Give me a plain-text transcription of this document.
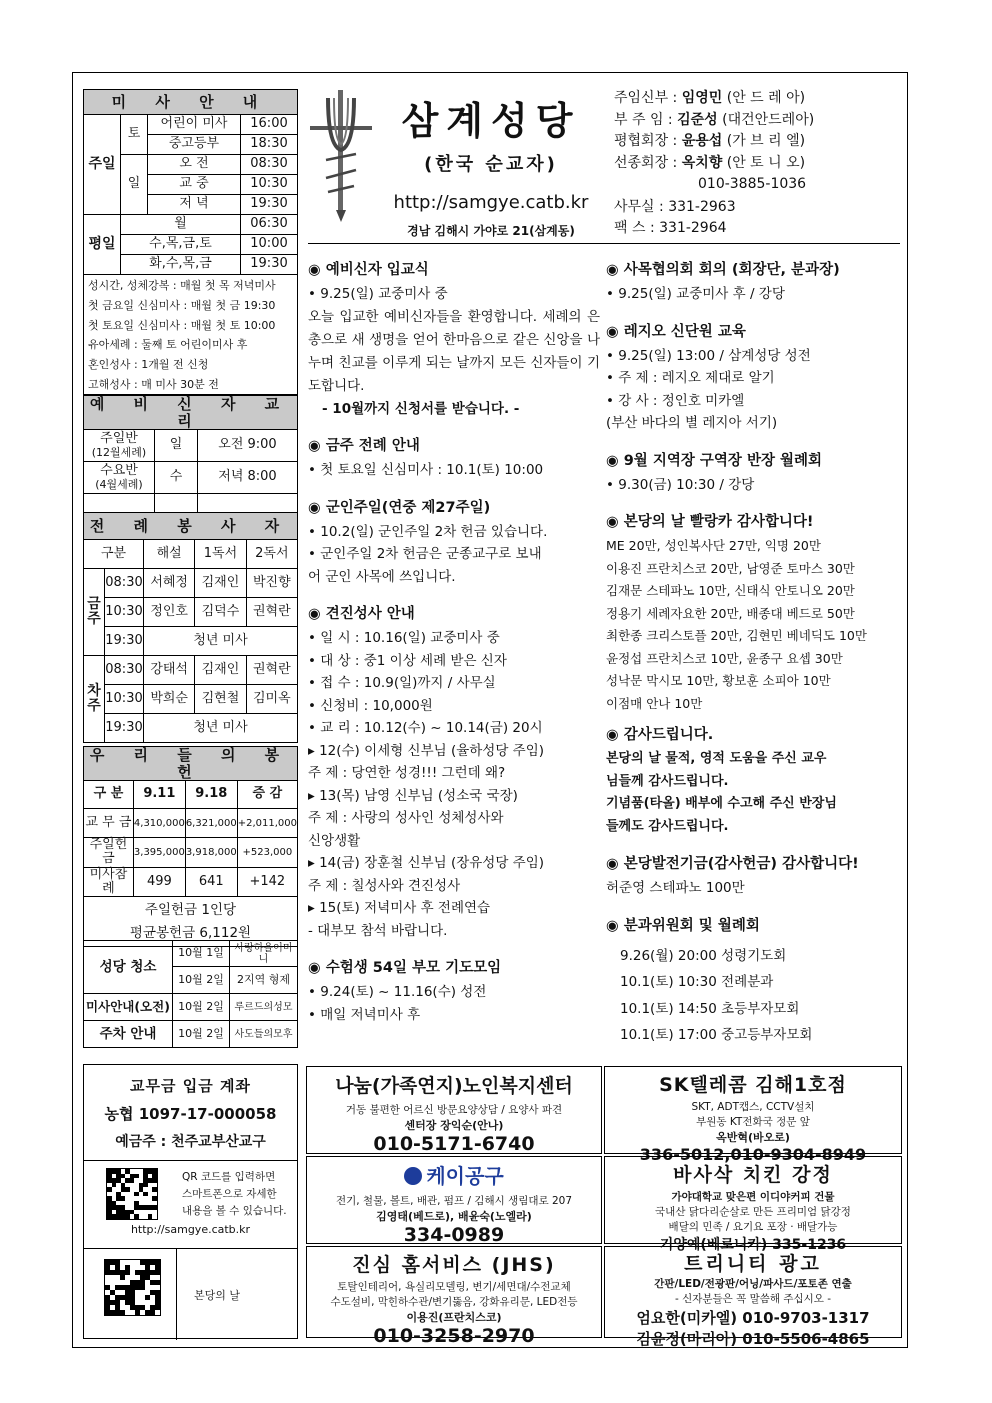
미 사 안 내			
주일	토	어린이 미사	16:00
		중고등부	18:30
	일	오 전	08:30
		교 중	10:30
		저 녁	19:30
평일	월		06:30
	수,목,금,토		10:00
	화,수,목,금		19:30
성시간, 성체강복 : 매월 첫 목 저녁미사
첫 금요일 신심미사 : 매월 첫 금 19:30
첫 토요일 신심미사 : 매월 첫 토 10:00
유아세례 : 둘째 토 어린이미사 후
혼인성사 : 1개월 전 신청
고해성사 : 매 미사 30분 전
예 비 신 자 교 리		

주일반
(12월세례)	일	오전 9:00

수요반
(4월세례)	수	저녁 8:00

전 례 봉 사 자				
구분		해설	1독서	2독서
금주	08:30	서혜정	김재인	박진향
	10:30	정인호	김덕수	권혁란
	19:30	청년 미사		
차주	08:30	강태석	김재인	권혁란
	10:30	박희순	김현철	김미옥
	19:30	청년 미사		
우 리 들 의 봉 헌			
구 분	9.11	9.18	증 감
교 무 금	4,310,000	6,321,000	+2,011,000
주일헌금	3,395,000	3,918,000	+523,000
미사참례	499	641	+142

주일헌금 1인당
평균봉헌금 6,112원			
성당 청소	10월 1일	사랑하올어머니
	10월 2일	2지역 형제
미사안내(오전)	10월 2일	루르드의성모
주차 안내	10월 2일	사도들의모후
교무금 입금 계좌
농협 1097-17-000058
예금주 : 천주교부산교구
QR 코드를 입력하면 스마트폰으로 자세한 내용을 볼 수 있습니다.
http://samgye.catb.kr
본당의 날
삼계성당
(한국 순교자)
http://samgye.catb.kr
경남 김해시 가야로 21(삼계동)
주임신부 : 임영민 (안 드 레 아)
부 주 임 : 김준성 (대건안드레아)
평협회장 : 윤용섭 (가 브 리 엘)
선종회장 : 옥치향 (안 토 니 오)
010-3885-1036
사무실 : 331-2963
팩 스 : 331-2964
◉ 예비신자 입교식
• 9.25(일) 교중미사 중
오늘 입교한 예비신자들을 환영합니다. 세례의 은총으로 새 생명을 얻어 한마음으로 같은 신앙을 나누며 친교를 이루게 되는 날까지 모든 신자들이 기도합니다.
- 10월까지 신청서를 받습니다. -
◉ 금주 전례 안내
• 첫 토요일 신심미사 : 10.1(토) 10:00
◉ 군인주일(연중 제27주일)
• 10.2(일) 군인주일 2차 헌금 있습니다.
• 군인주일 2차 헌금은 군종교구로 보내
어 군인 사목에 쓰입니다.
◉ 견진성사 안내
• 일 시 : 10.16(일) 교중미사 중
• 대 상 : 중1 이상 세례 받은 신자
• 접 수 : 10.9(일)까지 / 사무실
• 신청비 : 10,000원
• 교 리 : 10.12(수) ~ 10.14(금) 20시
▸ 12(수) 이세형 신부님 (율하성당 주임)
주 제 : 당연한 성경!!! 그런데 왜?
▸ 13(목) 남영 신부님 (성소국 국장)
주 제 : 사랑의 성사인 성체성사와
신앙생활
▸ 14(금) 장훈철 신부님 (장유성당 주임)
주 제 : 칠성사와 견진성사
▸ 15(토) 저녁미사 후 전례연습
- 대부모 참석 바랍니다.
◉ 수험생 54일 부모 기도모임
• 9.24(토) ~ 11.16(수) 성전
• 매일 저녁미사 후
◉ 사목협의회 회의 (회장단, 분과장)
• 9.25(일) 교중미사 후 / 강당
◉ 레지오 신단원 교육
• 9.25(일) 13:00 / 삼계성당 성전
• 주 제 : 레지오 제대로 알기
• 강 사 : 정인호 미카엘
(부산 바다의 별 레지아 서기)
◉ 9월 지역장 구역장 반장 월례회
• 9.30(금) 10:30 / 강당
◉ 본당의 날 빨랑카 감사합니다!
ME 20만, 성인복사단 27만, 익명 20만
이용진 프란치스코 20만, 남영준 토마스 30만
김재문 스테파노 10만, 신태식 안토니오 20만
정용기 세례자요한 20만, 배종대 베드로 50만
최한종 크리스토플 20만, 김현민 베네딕도 10만
윤정섭 프란치스코 10만, 윤종구 요셉 30만
성낙문 막시모 10만, 황보훈 소피아 10만
이점매 안나 10만
◉ 감사드립니다.
본당의 날 물적, 영적 도움을 주신 교우
님들께 감사드립니다.
기념품(타올) 배부에 수고해 주신 반장님
들께도 감사드립니다.
◉ 본당발전기금(감사헌금) 감사합니다!
허준영 스테파노 100만
◉ 분과위원회 및 월례회
9.26(월) 20:00 성령기도회
10.1(토) 10:30 전례분과
10.1(토) 14:50 초등부자모회
10.1(토) 17:00 중고등부자모회
나눔(가족연지)노인복지센터
거동 불편한 어르신 방문요양상담 / 요양사 파견
센터장 장익순(안나)
010-5171-6740
SK텔레콤 김해1호점
SKT, ADT캡스, CCTV설치
부원동 KT전화국 정문 앞
옥반혁(바오로)
336-5012,010-9304-8949
케이공구
전기, 철물, 볼트, 배관, 펌프 / 김해시 생림대로 207
김영태(베드로), 배윤숙(노엘라)
334-0989
바사삭 치킨 강정
가야대학교 맞은편 이디야커피 건물
국내산 닭다리순살로 만든 프리미엄 닭강정
배달의 민족 / 요기요 포장 · 배달가능
기양예(베로니카) 335-1236
진심 홈서비스 (JHS)
토탈인테리어, 욕실리모델링, 변기/세면대/수전교체
수도설비, 막힌하수관/변기뚫음, 강화유리문, LED전등
이용진(프란치스코)
010-3258-2970
트리니티 광고
간판/LED/전광판/어닝/파사드/포토존 연출
- 신자분들은 꼭 말씀해 주십시오 -
엄요한(미카엘) 010-9703-1317
김윤정(마리아) 010-5506-4865
